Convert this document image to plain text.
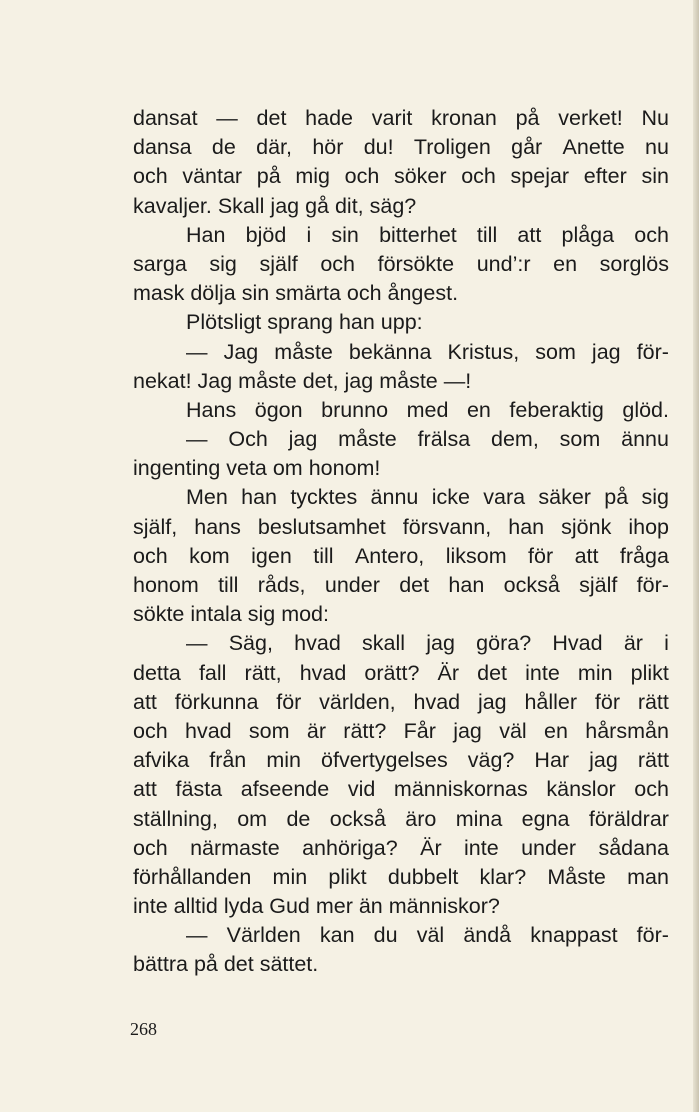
dansat — det hade varit kronan på verket! Nu
dansa de där, hör du! Troligen går Anette nu
och väntar på mig och söker och spejar efter sin
kavaljer. Skall jag gå dit, säg?
Han bjöd i sin bitterhet till att plåga och
sarga sig själf och försökte und’:r en sorglös
mask dölja sin smärta och ångest.
Plötsligt sprang han upp:
— Jag måste bekänna Kristus, som jag för-
nekat! Jag måste det, jag måste —!
Hans ögon brunno med en feberaktig glöd.
— Och jag måste frälsa dem, som ännu
ingenting veta om honom!
Men han tycktes ännu icke vara säker på sig
själf, hans beslutsamhet försvann, han sjönk ihop
och kom igen till Antero, liksom för att fråga
honom till råds, under det han också själf för-
sökte intala sig mod:
— Säg, hvad skall jag göra? Hvad är i
detta fall rätt, hvad orätt? Är det inte min plikt
att förkunna för världen, hvad jag håller för rätt
och hvad som är rätt? Får jag väl en hårsmån
afvika från min öfvertygelses väg? Har jag rätt
att fästa afseende vid människornas känslor och
ställning, om de också äro mina egna föräldrar
och närmaste anhöriga? Är inte under sådana
förhållanden min plikt dubbelt klar? Måste man
inte alltid lyda Gud mer än människor?
— Världen kan du väl ändå knappast för-
bättra på det sättet.
268
